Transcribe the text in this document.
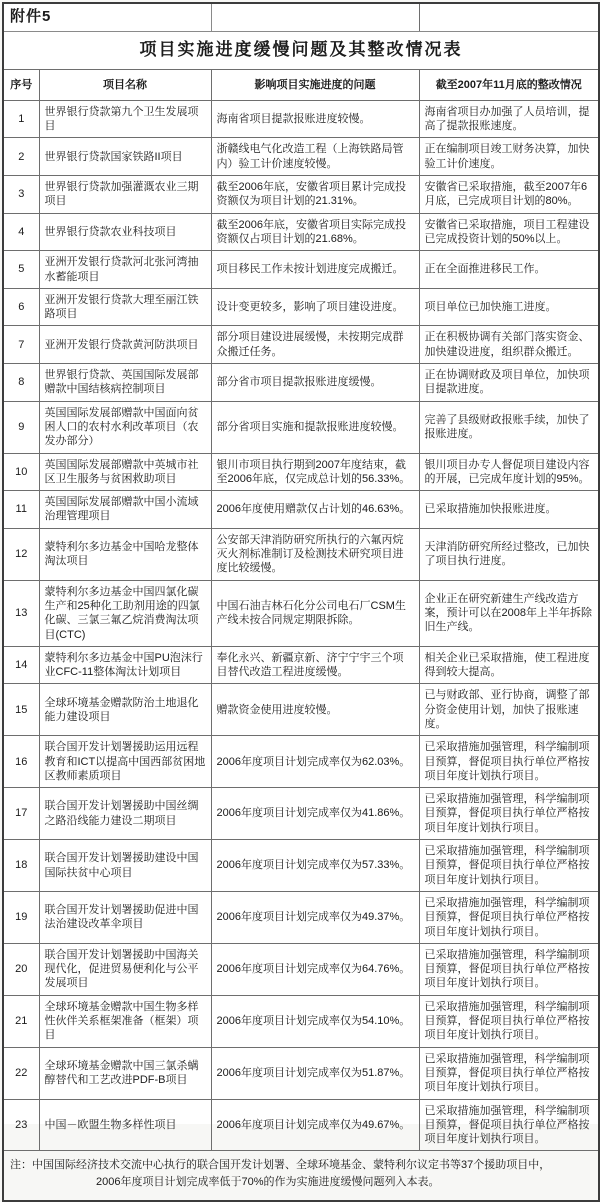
附件5			
项目实施进度缓慢问题及其整改情况表			
序号	项目名称	影响项目实施进度的问题	截至2007年11月底的整改情况
1	世界银行贷款第九个卫生发展项目	海南省项目提款报账进度较慢。	海南省项目办加强了人员培训，提高了提款报账速度。
2	世界银行贷款国家铁路II项目	浙赣线电气化改造工程（上海铁路局管内）验工计价速度较慢。	正在编制项目竣工财务决算，加快验工计价速度。
3	世界银行贷款加强灌溉农业三期项目	截至2006年底，安徽省项目累计完成投资额仅为项目计划的21.31%。	安徽省已采取措施，截至2007年6月底，已完成项目计划的80%。
4	世界银行贷款农业科技项目	截至2006年底，安徽省项目实际完成投资额仅占项目计划的21.68%。	安徽省已采取措施，项目工程建设已完成投资计划的50%以上。
5	亚洲开发银行贷款河北张河湾抽水蓄能项目	项目移民工作未按计划进度完成搬迁。	正在全面推进移民工作。
6	亚洲开发银行贷款大理至丽江铁路项目	设计变更较多，影响了项目建设进度。	项目单位已加快施工进度。
7	亚洲开发银行贷款黄河防洪项目	部分项目建设进展缓慢，未按期完成群众搬迁任务。	正在积极协调有关部门落实资金、加快建设进度，组织群众搬迁。
8	世界银行贷款、英国国际发展部赠款中国结核病控制项目	部分省市项目提款报账进度缓慢。	正在协调财政及项目单位，加快项目提款进度。
9	英国国际发展部赠款中国面向贫困人口的农村水利改革项目（农发办部分）	部分省项目实施和提款报账进度较慢。	完善了县级财政报账手续，加快了报账进度。
10	英国国际发展部赠款中英城市社区卫生服务与贫困救助项目	银川市项目执行期到2007年度结束，截至2006年底，仅完成总计划的56.33%。	银川项目办专人督促项目建设内容的开展，已完成年度计划的95%。
11	英国国际发展部赠款中国小流域治理管理项目	2006年度使用赠款仅占计划的46.63%。	已采取措施加快报账进度。
12	蒙特利尔多边基金中国哈龙整体淘汰项目	公安部天津消防研究所执行的六氟丙烷灭火剂标准制订及检测技术研究项目进度比较缓慢。	天津消防研究所经过整改，已加快了项目执行进度。
13	蒙特利尔多边基金中国四氯化碳生产和25种化工助剂用途的四氯化碳、三氯三氟乙烷消费淘汰项目(CTC)	中国石油吉林石化分公司电石厂CSM生产线未按合同规定期限拆除。	企业正在研究新建生产线改造方案，预计可以在2008年上半年拆除旧生产线。
14	蒙特利尔多边基金中国PU泡沫行业CFC-11整体淘汰计划项目	奉化永兴、新疆京新、济宁宁宇三个项目替代改造工程进度缓慢。	相关企业已采取措施，使工程进度得到较大提高。
15	全球环境基金赠款防治土地退化能力建设项目	赠款资金使用进度较慢。	已与财政部、亚行协商，调整了部分资金使用计划，加快了报账速度。
16	联合国开发计划署援助运用远程教育和ICT以提高中国西部贫困地区教师素质项目	2006年度项目计划完成率仅为62.03%。	已采取措施加强管理，科学编制项目预算，督促项目执行单位严格按项目年度计划执行项目。
17	联合国开发计划署援助中国丝绸之路沿线能力建设二期项目	2006年度项目计划完成率仅为41.86%。	已采取措施加强管理，科学编制项目预算，督促项目执行单位严格按项目年度计划执行项目。
18	联合国开发计划署援助建设中国国际扶贫中心项目	2006年度项目计划完成率仅为57.33%。	已采取措施加强管理，科学编制项目预算，督促项目执行单位严格按项目年度计划执行项目。
19	联合国开发计划署援助促进中国法治建设改革伞项目	2006年度项目计划完成率仅为49.37%。	已采取措施加强管理，科学编制项目预算，督促项目执行单位严格按项目年度计划执行项目。
20	联合国开发计划署援助中国海关现代化，促进贸易便利化与公平发展项目	2006年度项目计划完成率仅为64.76%。	已采取措施加强管理，科学编制项目预算，督促项目执行单位严格按项目年度计划执行项目。
21	全球环境基金赠款中国生物多样性伙伴关系框架准备（框架）项目	2006年度项目计划完成率仅为54.10%。	已采取措施加强管理，科学编制项目预算，督促项目执行单位严格按项目年度计划执行项目。
22	全球环境基金赠款中国三氯杀螨醇替代和工艺改进PDF-B项目	2006年度项目计划完成率仅为51.87%。	已采取措施加强管理，科学编制项目预算，督促项目执行单位严格按项目年度计划执行项目。
23	中国－欧盟生物多样性项目	2006年度项目计划完成率仅为49.67%。	已采取措施加强管理，科学编制项目预算，督促项目执行单位严格按项目年度计划执行项目。
注：中国国际经济技术交流中心执行的联合国开发计划署、全球环境基金、蒙特利尔议定书等37个援助项目中，
2006年度项目计划完成率低于70%的作为实施进度缓慢问题列入本表。			
